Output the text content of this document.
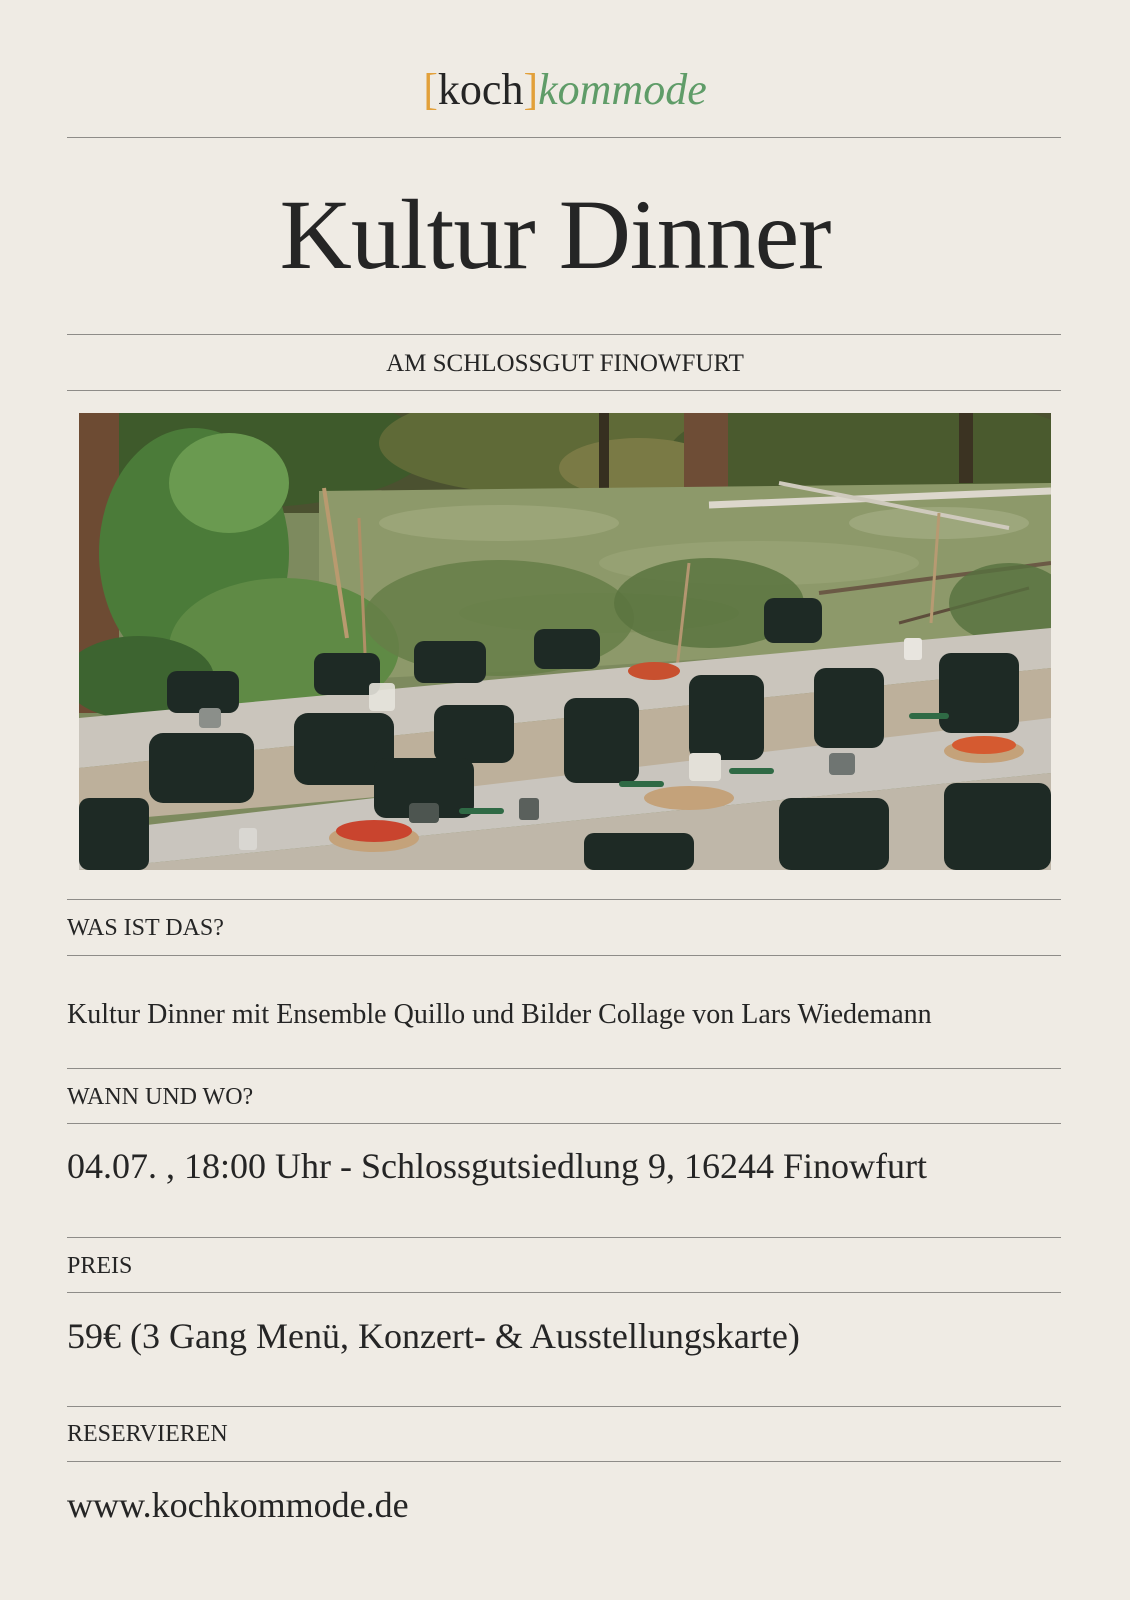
[koch]kommode
Kultur Dinner
AM SCHLOSSGUT FINOWFURT
WAS IST DAS?
Kultur Dinner mit Ensemble Quillo und Bilder Collage von Lars Wiedemann
WANN UND WO?
04.07. , 18:00 Uhr - Schlossgutsiedlung 9, 16244 Finowfurt
PREIS
59€ (3 Gang Menü, Konzert- & Ausstellungskarte)
RESERVIEREN
www.kochkommode.de
